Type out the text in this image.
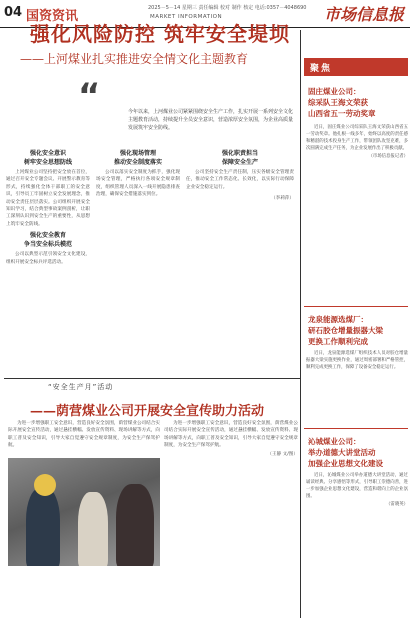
04 国资资讯
2025－5－14 星期三 责任编辑 校对 制作 核定 电话:0357－4048690
MARKET INFORMATION	市场信息报
强化风险防控 筑牢安全堤坝
——上河煤业扎实推进安全情文化主题教育
“	今年以来，上河煤业公司紧紧围绕安全生产工作，扎实开展一系列安全文化主题教育活动，持续提升全员安全意识，营造浓厚安全氛围，为企业高质量发展筑牢安全防线。
强化安全意识
树牢安全思想防线

上河煤业公司坚持把安全放在首位，通过召开安全专题会议、开展警示教育等形式，持续强化全体干部职工的安全意识，引导员工牢固树立安全发展理念，推动安全责任层层落实。公司组织开展安全知识学习，结合典型事故案例剖析，让职工深刻认识到安全生产的重要性，从思想上筑牢安全防线。

强化安全教育
争当安全标兵模范

公司以典型示范引领安全文化建设，组织开展安全标兵评选活动。

强化现场管理
推动安全制度落实

公司以落实安全制度为抓手，强化现场安全管理，严格执行各项安全规章制度，组织管理人员深入一线开展隐患排查治理，确保安全措施落实到位。

强化职责担当
保障安全生产

公司坚持安全生产责任制，压实各级安全管理责任，推动安全工作常态化、长效化，以实际行动保障企业安全稳定运行。

（李莉萍）

“安全生产月”活动
——荫营煤业公司开展安全宣传助力活动

为进一步增强职工安全意识，营造良好安全氛围，荫营煤业公司结合实际开展安全宣传活动，通过悬挂横幅、发放宣传资料、现场讲解等方式，向职工普及安全知识，引导大家自觉遵守安全规章制度，为安全生产保驾护航。

为进一步增强职工安全意识，营造良好安全氛围，荫营煤业公司结合实际开展安全宣传活动，通过悬挂横幅、发放宣传资料、现场讲解等方式，向职工普及安全知识，引导大家自觉遵守安全规章制度，为安全生产保驾护航。

（王静 文/图）

聚焦
固庄煤业公司：
综采队王海文荣获
山西省五一劳动奖章

近日，固庄煤业公司综采队王海文荣获山西省五一劳动奖章。他扎根一线多年，始终以高度的责任感和精湛的技术投身生产工作，带领团队攻坚克难，多次圆满完成生产任务，为企业发展作出了积极贡献。

（市场信息报记者）

龙泉能源选煤厂：
研石胶仓增量振器大梁
更换工作顺利完成

近日，龙泉能源选煤厂组织技术人员对胶仓增量振器大梁实施更换作业，通过周密部署和严格管控，顺利完成更换工作，保障了设备安全稳定运行。

沁城煤业公司：
举办道德大讲堂活动
加强企业思想文化建设

近日，沁城煤业公司举办道德大讲堂活动，通过诵读经典、分享感悟等形式，引导职工崇德向善，进一步加强企业思想文化建设，营造和谐向上的企业氛围。

（雷晓英）
